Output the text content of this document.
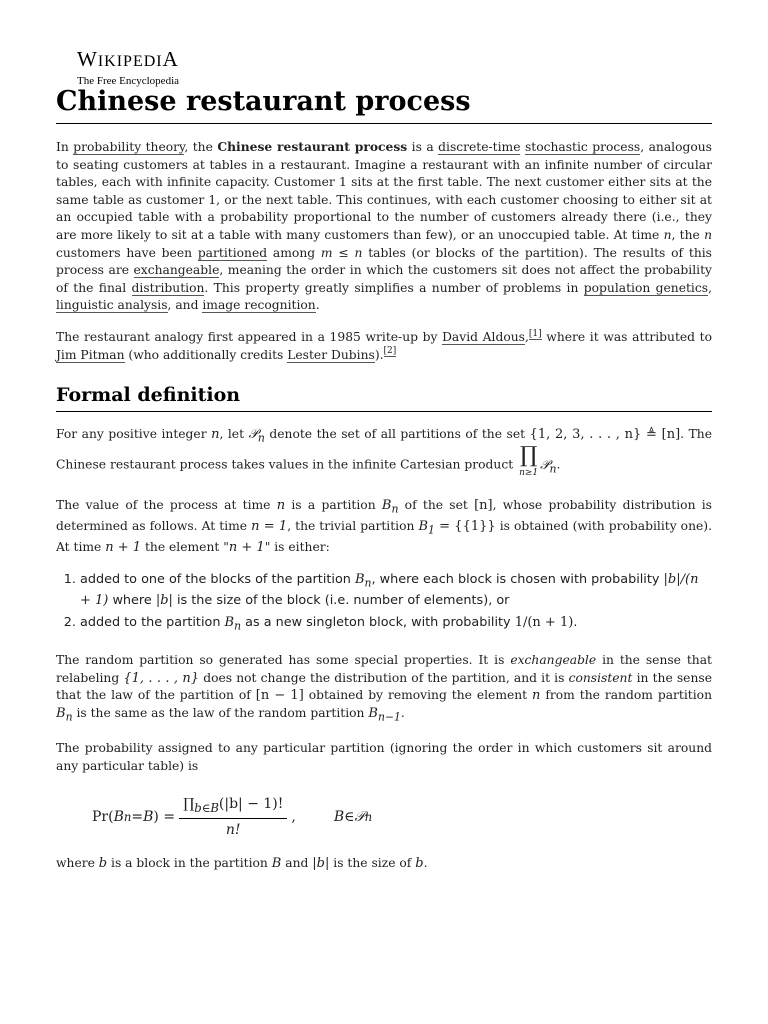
WIKIPEDIA
The Free Encyclopedia
Chinese restaurant process

In probability theory, the Chinese restaurant process is a discrete-time stochastic process, analogous to seating customers at tables in a restaurant. Imagine a restaurant with an infinite number of circular tables, each with infinite capacity. Customer 1 sits at the first table. The next customer either sits at the same table as customer 1, or the next table. This continues, with each customer choosing to either sit at an occupied table with a probability proportional to the number of customers already there (i.e., they are more likely to sit at a table with many customers than few), or an unoccupied table. At time n, the n customers have been partitioned among m ≤ n tables (or blocks of the partition). The results of this process are exchangeable, meaning the order in which the customers sit does not affect the probability of the final distribution. This property greatly simplifies a number of problems in population genetics, linguistic analysis, and image recognition.

The restaurant analogy first appeared in a 1985 write-up by David Aldous,[1] where it was attributed to Jim Pitman (who additionally credits Lester Dubins).[2]

Formal definition

For any positive integer n, let 𝒫$_n$ denote the set of all partitions of the set {1, 2, 3, . . . , n} ≜ [n]. The Chinese restaurant process takes values in the infinite Cartesian product ∏
n≥1
𝒫$_n$.

The value of the process at time n is a partition $B_n$ of the set [n], whose probability distribution is determined as follows. At time n = 1, the trivial partition $B_1 = \{\{1\}\}$ is obtained (with probability one). At time n + 1 the element "n + 1" is either:

1. added to one of the blocks of the partition $B_n$, where each block is chosen with probability |b|/(n + 1) where |b| is the size of the block (i.e. number of elements), or
2. added to the partition $B_n$ as a new singleton block, with probability 1/(n + 1).

The random partition so generated has some special properties. It is exchangeable in the sense that relabeling {1, . . . , n} does not change the distribution of the partition, and it is consistent in the sense that the law of the partition of [n − 1] obtained by removing the element n from the random partition $B_n$ is the same as the law of the random partition $B_{n-1}$.

The probability assigned to any particular partition (ignoring the order in which customers sit around any particular table) is

Pr( B n = B ) = $\frac{\prod_{b\in B}(|b| - 1)!}{n!}$ ,	B ∈ 𝒫 n

where b is a block in the partition B and |b| is the size of b.
